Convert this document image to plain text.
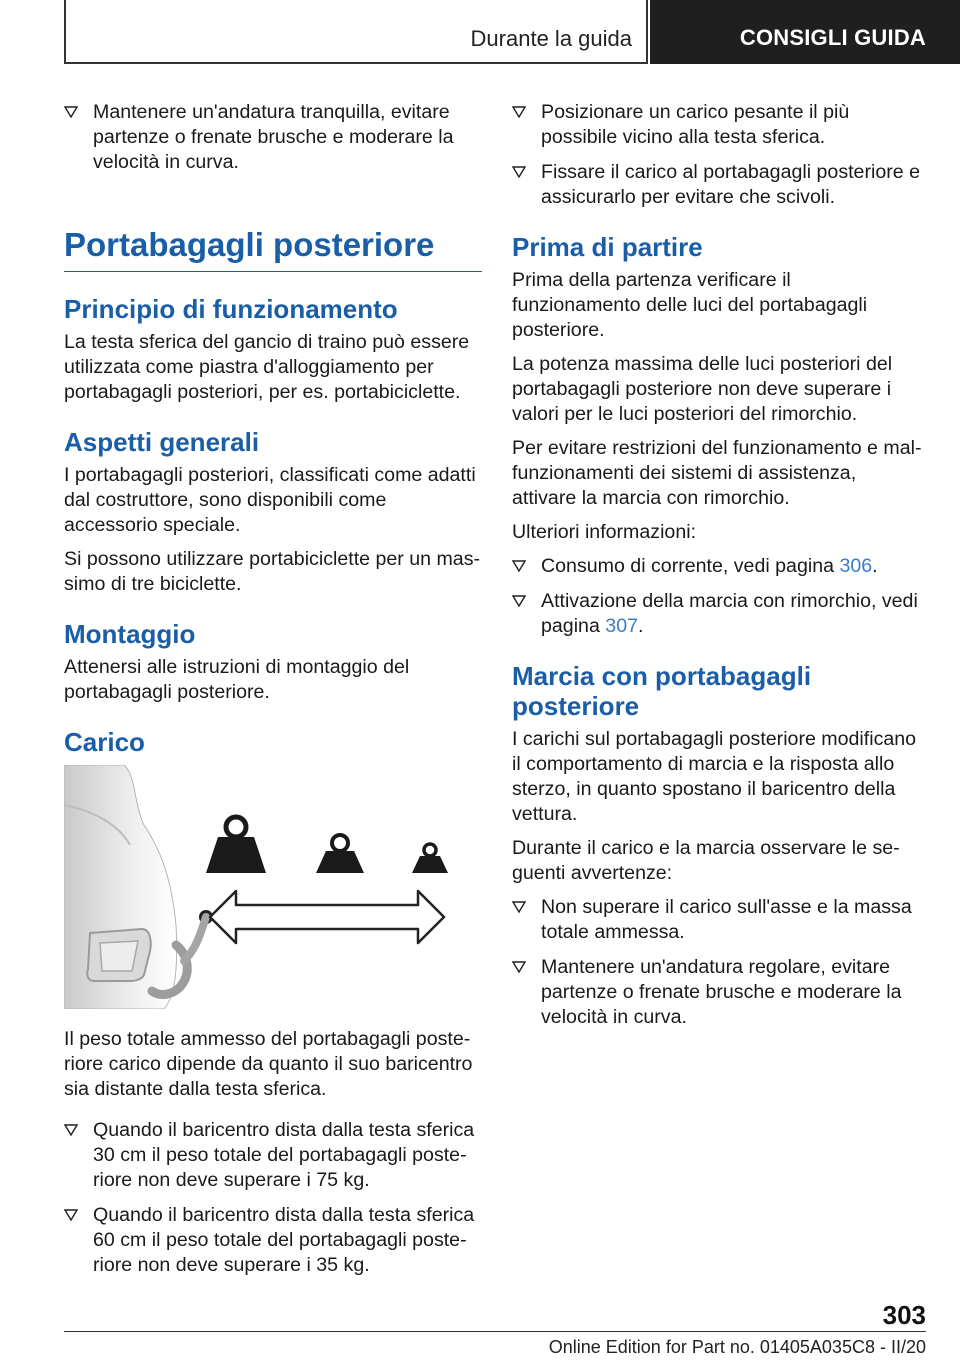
Durante la guida	CONSIGLI GUIDA
Mantenere un'andatura tranquilla, evitare partenze o frenate brusche e moderare la velocità in curva.
Portabagagli posteriore
Principio di funzionamento

La testa sferica del gancio di traino può essere utilizzata come piastra d'alloggiamento per portabagagli posteriori, per es. portabiciclette.

Aspetti generali

I portabagagli posteriori, classificati come adatti dal costruttore, sono disponibili come accessorio speciale.

Si possono utilizzare portabiciclette per un massimo di tre biciclette.

Montaggio

Attenersi alle istruzioni di montaggio del portabagagli posteriore.

Carico

Il peso totale ammesso del portabagagli posteriore carico dipende da quanto il suo baricentro sia distante dalla testa sferica.

Quando il baricentro dista dalla testa sferica 30 cm il peso totale del portabagagli posteriore non deve superare i 75 kg.
Quando il baricentro dista dalla testa sferica 60 cm il peso totale del portabagagli posteriore non deve superare i 35 kg.
Posizionare un carico pesante il più possibile vicino alla testa sferica.
Fissare il carico al portabagagli posteriore e assicurarlo per evitare che scivoli.
Prima di partire

Prima della partenza verificare il funzionamento delle luci del portabagagli posteriore.

La potenza massima delle luci posteriori del portabagagli posteriore non deve superare i valori per le luci posteriori del rimorchio.

Per evitare restrizioni del funzionamento e malfunzionamenti dei sistemi di assistenza, attivare la marcia con rimorchio.

Ulteriori informazioni:

Consumo di corrente, vedi pagina 306.
Attivazione della marcia con rimorchio, vedi pagina 307.
Marcia con portabagagli posteriore

I carichi sul portabagagli posteriore modificano il comportamento di marcia e la risposta allo sterzo, in quanto spostano il baricentro della vettura.

Durante il carico e la marcia osservare le seguenti avvertenze:

Non superare il carico sull'asse e la massa totale ammessa.
Mantenere un'andatura regolare, evitare partenze o frenate brusche e moderare la velocità in curva.
303
Online Edition for Part no. 01405A035C8 - II/20
